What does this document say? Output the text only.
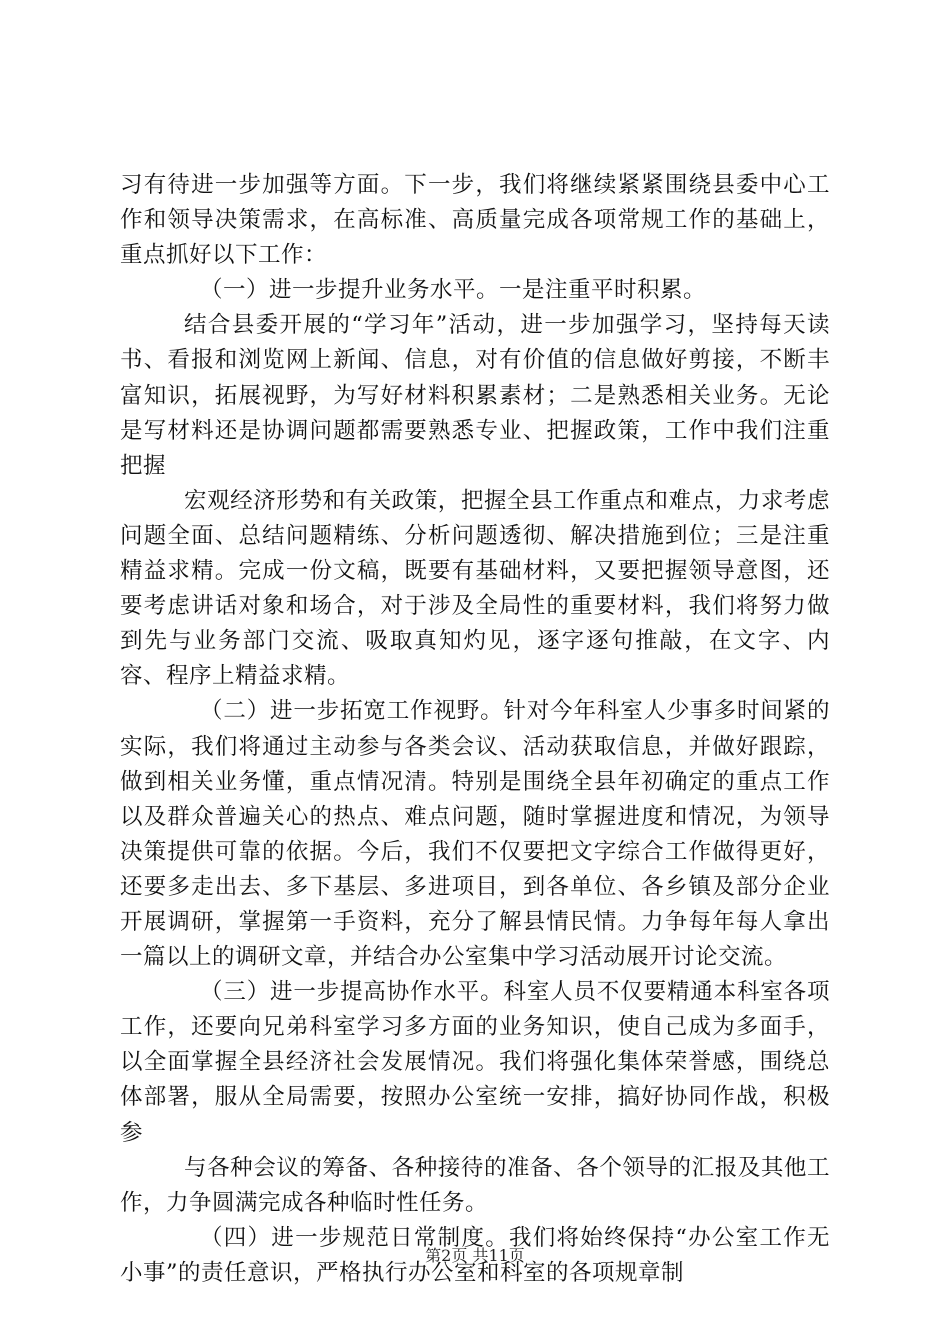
习有待进一步加强等方面。下一步，我们将继续紧紧围绕县委中心工作和领导决策需求，在高标准、高质量完成各项常规工作的基础上，重点抓好以下工作：

（一）进一步提升业务水平。一是注重平时积累。

结合县委开展的“学习年”活动，进一步加强学习，坚持每天读书、看报和浏览网上新闻、信息，对有价值的信息做好剪接，不断丰富知识，拓展视野，为写好材料积累素材；二是熟悉相关业务。无论是写材料还是协调问题都需要熟悉专业、把握政策，工作中我们注重把握

宏观经济形势和有关政策，把握全县工作重点和难点，力求考虑问题全面、总结问题精练、分析问题透彻、解决措施到位；三是注重精益求精。完成一份文稿，既要有基础材料，又要把握领导意图，还要考虑讲话对象和场合，对于涉及全局性的重要材料，我们将努力做到先与业务部门交流、吸取真知灼见，逐字逐句推敲，在文字、内容、程序上精益求精。

（二）进一步拓宽工作视野。针对今年科室人少事多时间紧的实际，我们将通过主动参与各类会议、活动获取信息，并做好跟踪，做到相关业务懂，重点情况清。特别是围绕全县年初确定的重点工作以及群众普遍关心的热点、难点问题，随时掌握进度和情况，为领导决策提供可靠的依据。今后，我们不仅要把文字综合工作做得更好，还要多走出去、多下基层、多进项目，到各单位、各乡镇及部分企业开展调研，掌握第一手资料，充分了解县情民情。力争每年每人拿出一篇以上的调研文章，并结合办公室集中学习活动展开讨论交流。

（三）进一步提高协作水平。科室人员不仅要精通本科室各项工作，还要向兄弟科室学习多方面的业务知识，使自己成为多面手，以全面掌握全县经济社会发展情况。我们将强化集体荣誉感，围绕总体部署，服从全局需要，按照办公室统一安排，搞好协同作战，积极参

与各种会议的筹备、各种接待的准备、各个领导的汇报及其他工作，力争圆满完成各种临时性任务。

（四）进一步规范日常制度。我们将始终保持“办公室工作无小事”的责任意识，严格执行办公室和科室的各项规章制

第2页 共11页
